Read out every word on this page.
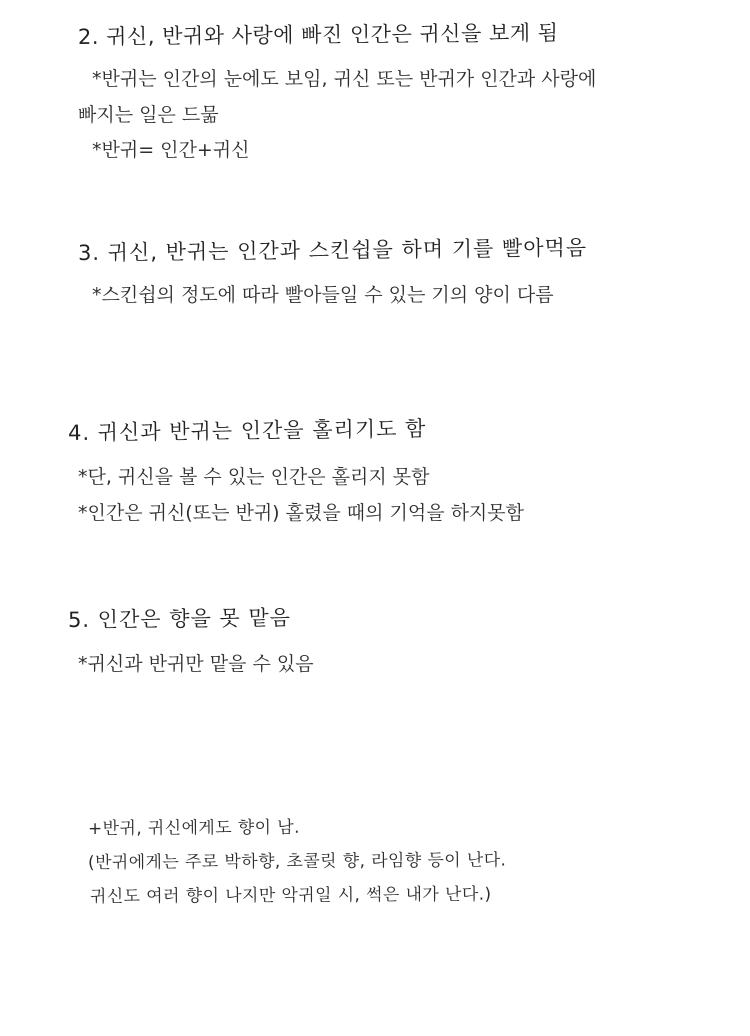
2. 귀신, 반귀와 사랑에 빠진 인간은 귀신을 보게 됨
*반귀는 인간의 눈에도 보임, 귀신 또는 반귀가 인간과 사랑에
빠지는 일은 드묾
*반귀= 인간+귀신
3. 귀신, 반귀는 인간과 스킨쉽을 하며 기를 빨아먹음
*스킨쉽의 정도에 따라 빨아들일 수 있는 기의 양이 다름
4. 귀신과 반귀는 인간을 홀리기도 함
*단, 귀신을 볼 수 있는 인간은 홀리지 못함
*인간은 귀신(또는 반귀) 홀렸을 때의 기억을 하지못함
5. 인간은 향을 못 맡음
*귀신과 반귀만 맡을 수 있음
+반귀, 귀신에게도 향이 남.
(반귀에게는 주로 박하향, 초콜릿 향, 라임향 등이 난다.
귀신도 여러 향이 나지만 악귀일 시, 썩은 내가 난다.)
